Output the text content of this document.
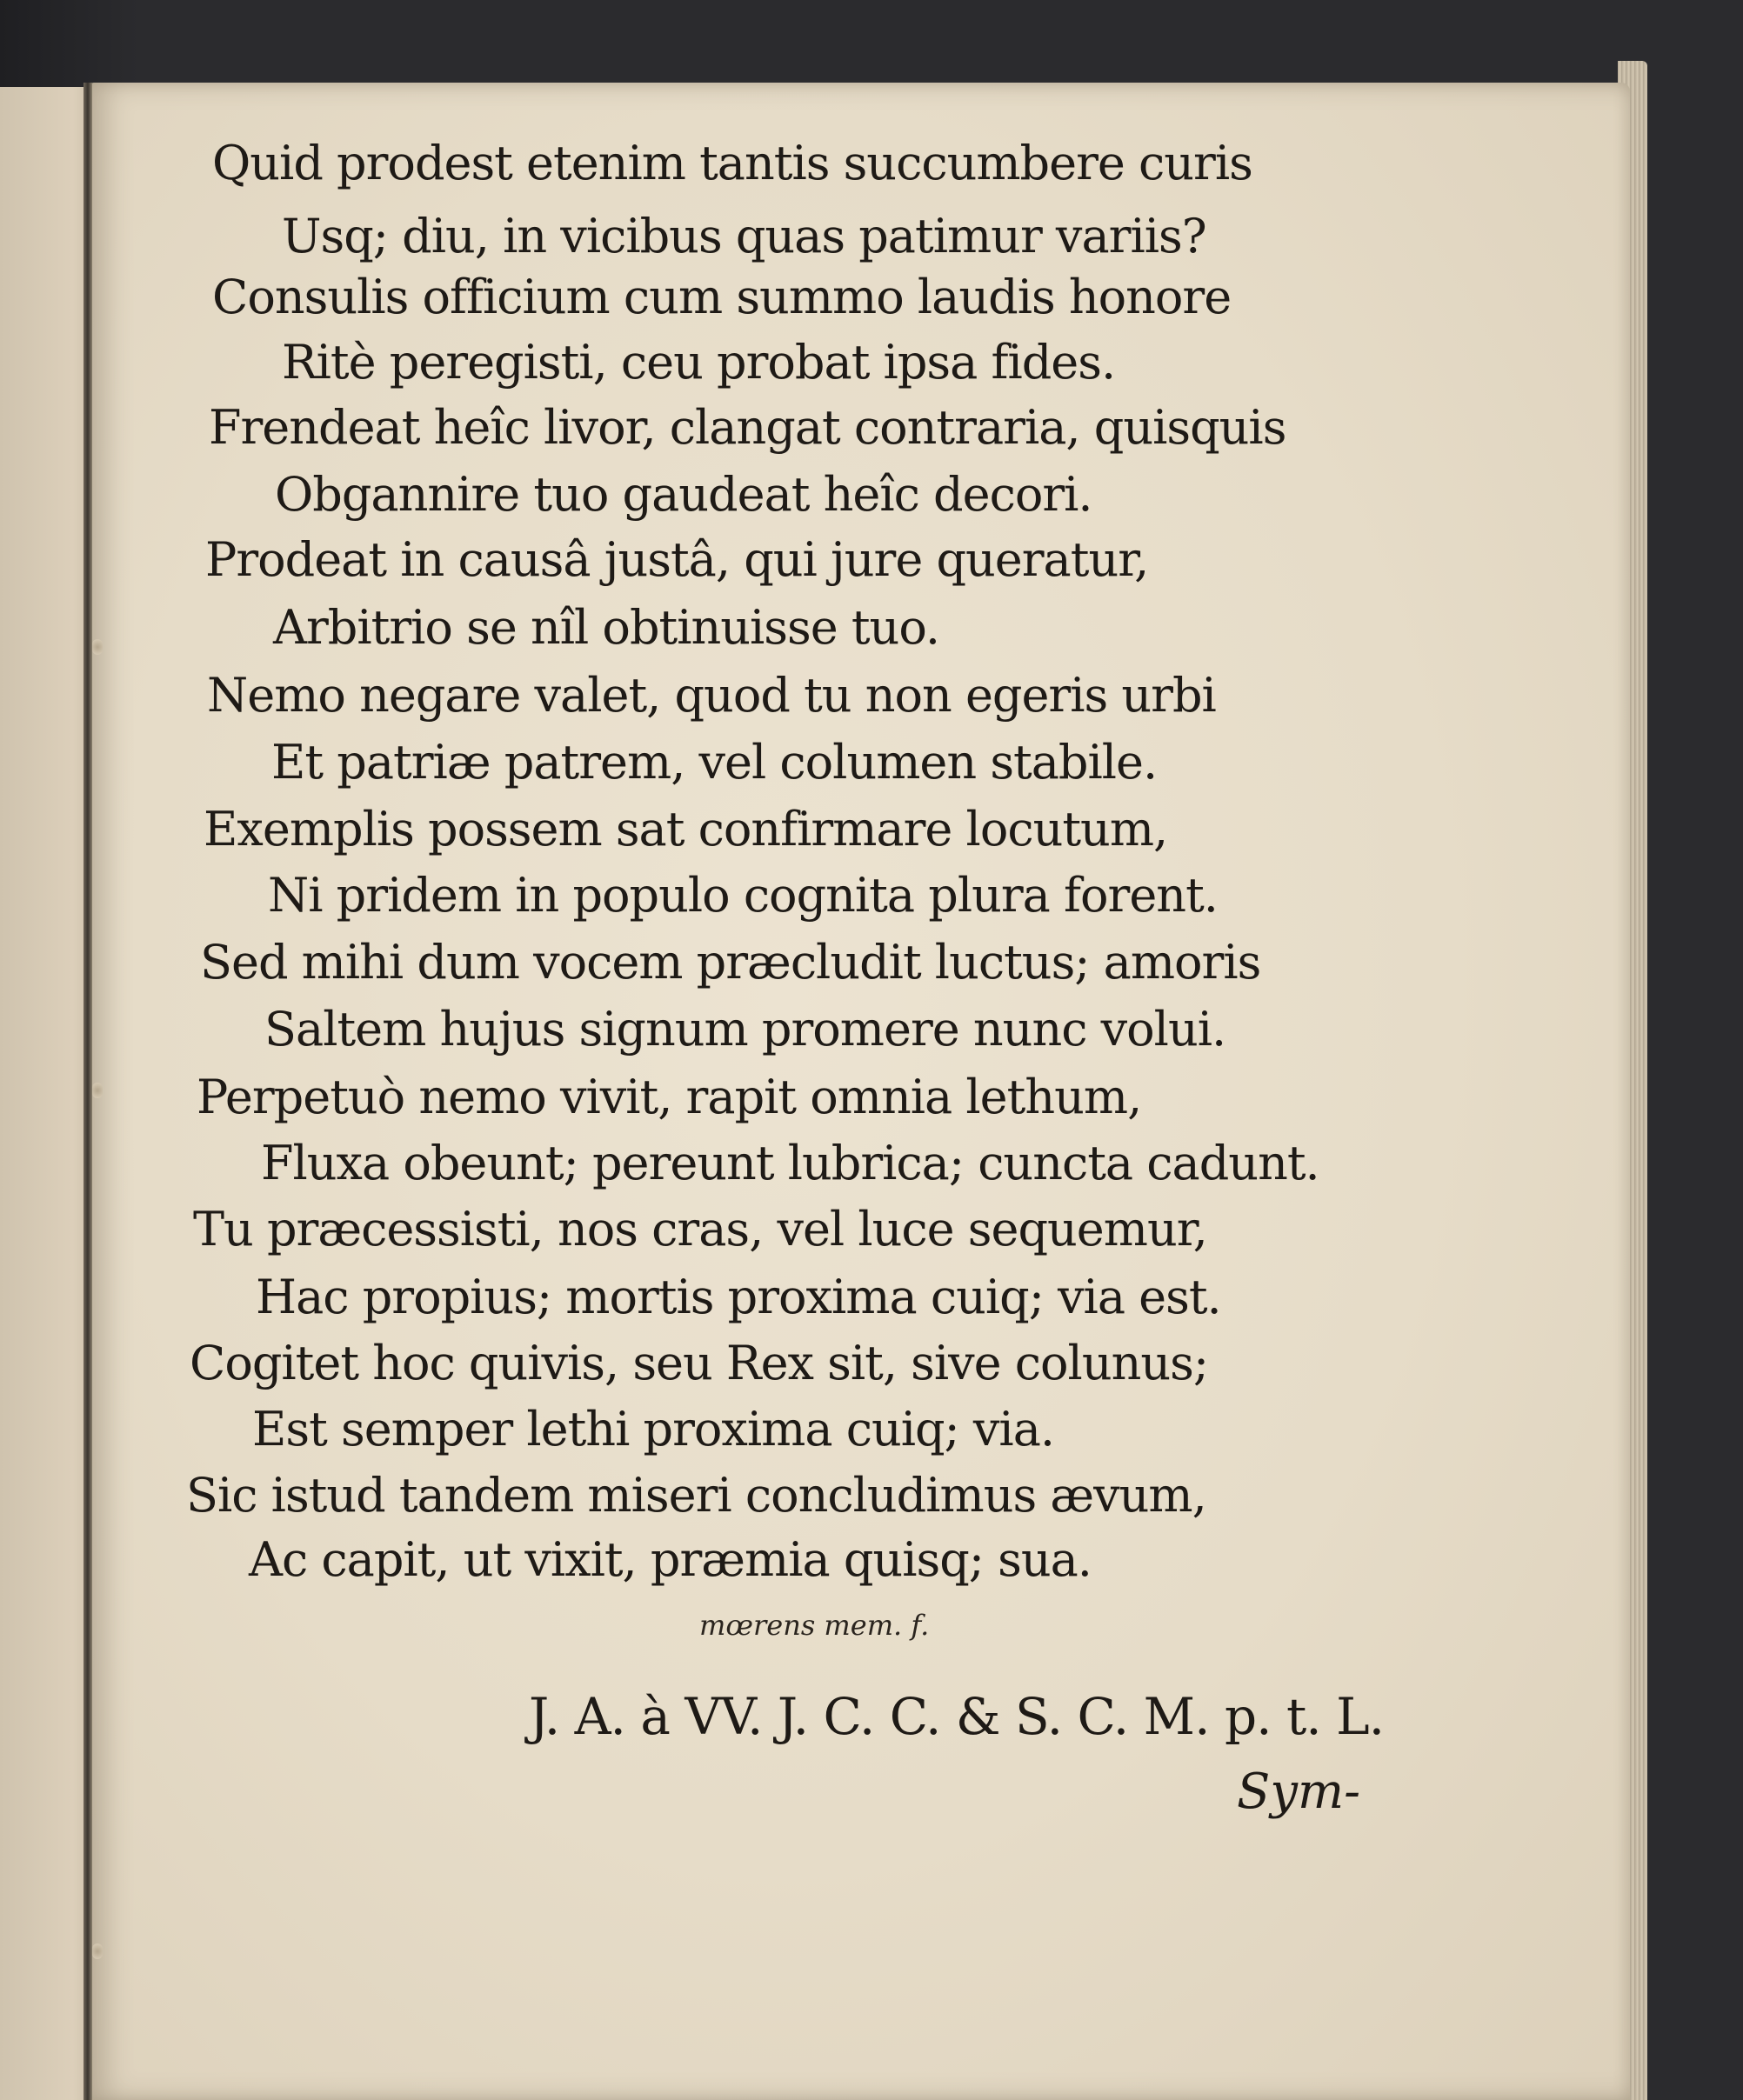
Quid prodest etenim tantis succumbere curis
Usq; diu, in vicibus quas patimur variis?
Consulis officium cum summo laudis honore
Ritè peregisti, ceu probat ipsa fides.
Frendeat heîc livor, clangat contraria, quisquis
Obgannire tuo gaudeat heîc decori.
Prodeat in causâ justâ, qui jure queratur,
Arbitrio se nîl obtinuisse tuo.
Nemo negare valet, quod tu non egeris urbi
Et patriæ patrem, vel columen stabile.
Exemplis possem sat confirmare locutum,
Ni pridem in populo cognita plura forent.
Sed mihi dum vocem præcludit luctus; amoris
Saltem hujus signum promere nunc volui.
Perpetuò nemo vivit, rapit omnia lethum,
Fluxa obeunt; pereunt lubrica; cuncta cadunt.
Tu præcessisti, nos cras, vel luce sequemur,
Hac propius; mortis proxima cuiq; via est.
Cogitet hoc quivis, seu Rex sit, sive colunus;
Est semper lethi proxima cuiq; via.
Sic istud tandem miseri concludimus ævum,
Ac capit, ut vixit, præmia quisq; sua.
mœrens mem. f.
J. A. à VV. J. C. C. & S. C. M. p. t. L.
Sym-
